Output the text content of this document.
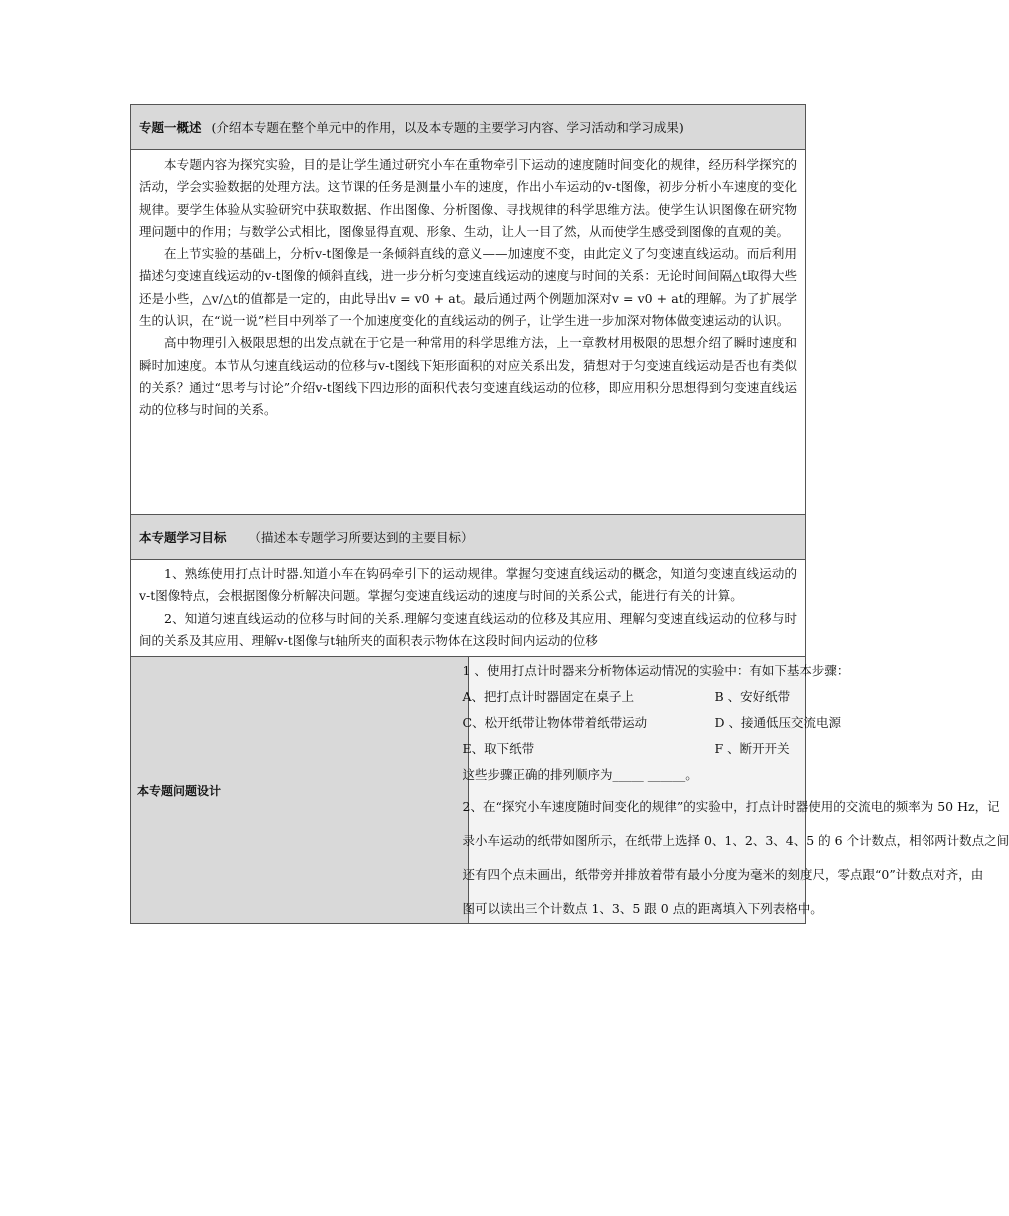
专题一概述 (介绍本专题在整个单元中的作用，以及本专题的主要学习内容、学习活动和学习成果)

本专题内容为探究实验，目的是让学生通过研究小车在重物牵引下运动的速度随时间变化的规律，经历科学探究的活动，学会实验数据的处理方法。这节课的任务是测量小车的速度，作出小车运动的v-t图像，初步分析小车速度的变化规律。要学生体验从实验研究中获取数据、作出图像、分析图像、寻找规律的科学思维方法。使学生认识图像在研究物理问题中的作用；与数学公式相比，图像显得直观、形象、生动，让人一目了然，从而使学生感受到图像的直观的美。

在上节实验的基础上，分析v-t图像是一条倾斜直线的意义——加速度不变，由此定义了匀变速直线运动。而后利用描述匀变速直线运动的v-t图像的倾斜直线，进一步分析匀变速直线运动的速度与时间的关系：无论时间间隔△t取得大些还是小些，△v/△t的值都是一定的，由此导出v = v0 + at。最后通过两个例题加深对v = v0 + at的理解。为了扩展学生的认识，在“说一说”栏目中列举了一个加速度变化的直线运动的例子，让学生进一步加深对物体做变速运动的认识。

高中物理引入极限思想的出发点就在于它是一种常用的科学思维方法，上一章教材用极限的思想介绍了瞬时速度和瞬时加速度。本节从匀速直线运动的位移与v-t图线下矩形面积的对应关系出发，猜想对于匀变速直线运动是否也有类似的关系？通过“思考与讨论”介绍v-t图线下四边形的面积代表匀变速直线运动的位移，即应用积分思想得到匀变速直线运动的位移与时间的关系。

本专题学习目标 （描述本专题学习所要达到的主要目标）

1、熟练使用打点计时器.知道小车在钩码牵引下的运动规律。掌握匀变速直线运动的概念，知道匀变速直线运动的v-t图像特点，会根据图像分析解决问题。掌握匀变速直线运动的速度与时间的关系公式，能进行有关的计算。

2、知道匀速直线运动的位移与时间的关系.理解匀变速直线运动的位移及其应用、理解匀变速直线运动的位移与时间的关系及其应用、理解v-t图像与t轴所夹的面积表示物体在这段时间内运动的位移

本专题问题设计	
1 、使用打点计时器来分析物体运动情况的实验中：有如下基本步骤：
A、把打点计时器固定在桌子上	B 、安好纸带
C、松开纸带让物体带着纸带运动	D 、接通低压交流电源
E、取下纸带	F 、断开开关
这些步骤正确的排列顺序为_____ ______。
2、在“探究小车速度随时间变化的规律”的实验中，打点计时器使用的交流电的频率为 50 Hz，记
录小车运动的纸带如图所示，在纸带上选择 0、1、2、3、4、5 的 6 个计数点，相邻两计数点之间
还有四个点未画出，纸带旁并排放着带有最小分度为毫米的刻度尺，零点跟“0”计数点对齐，由
图可以读出三个计数点 1、3、5 跟 0 点的距离填入下列表格中。
